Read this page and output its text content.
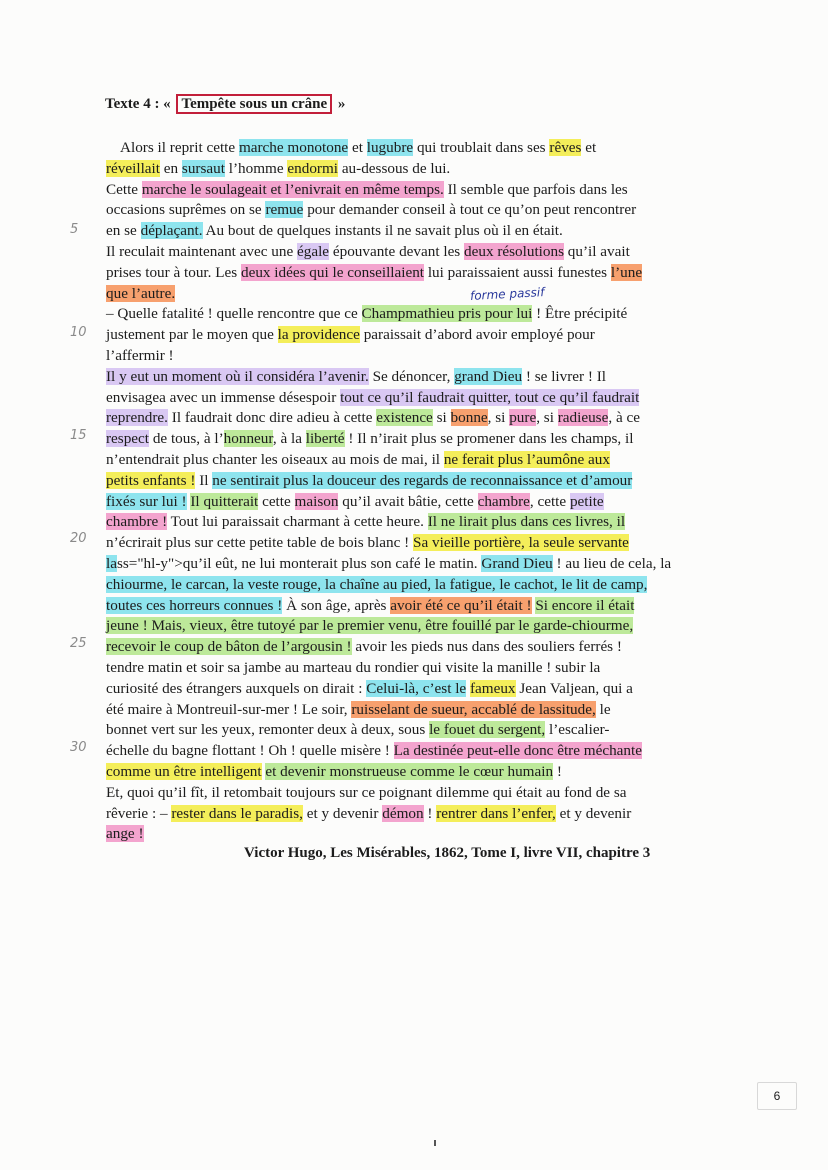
Texte 4 : « Tempête sous un crâne »
forme passif
5
10
15
20
25
30
Alors il reprit cette marche monotone et lugubre qui troublait dans ses rêves et
réveillait en sursaut l’homme endormi au-dessous de lui.
Cette marche le soulageait et l’enivrait en même temps. Il semble que parfois dans les
occasions suprêmes on se remue pour demander conseil à tout ce qu’on peut rencontrer
en se déplaçant. Au bout de quelques instants il ne savait plus où il en était.
Il reculait maintenant avec une égale épouvante devant les deux résolutions qu’il avait
prises tour à tour. Les deux idées qui le conseillaient lui paraissaient aussi funestes l’une
que l’autre.
– Quelle fatalité ! quelle rencontre que ce Champmathieu pris pour lui ! Être précipité
justement par le moyen que la providence paraissait d’abord avoir employé pour
l’affermir !
Il y eut un moment où il considéra l’avenir. Se dénoncer, grand Dieu ! se livrer ! Il
envisagea avec un immense désespoir tout ce qu’il faudrait quitter, tout ce qu’il faudrait
reprendre. Il faudrait donc dire adieu à cette existence si bonne, si pure, si radieuse, à ce
respect de tous, à l’honneur, à la liberté ! Il n’irait plus se promener dans les champs, il
n’entendrait plus chanter les oiseaux au mois de mai, il ne ferait plus l’aumône aux
petits enfants ! Il ne sentirait plus la douceur des regards de reconnaissance et d’amour
fixés sur lui ! Il quitterait cette maison qu’il avait bâtie, cette chambre, cette petite
chambre ! Tout lui paraissait charmant à cette heure. Il ne lirait plus dans ces livres, il
n’écrirait plus sur cette petite table de bois blanc ! Sa vieille portière, la seule servante
lass="hl-y">qu’il eût, ne lui monterait plus son café le matin. Grand Dieu ! au lieu de cela, la
chiourme, le carcan, la veste rouge, la chaîne au pied, la fatigue, le cachot, le lit de camp,
toutes ces horreurs connues ! À son âge, après avoir été ce qu’il était ! Si encore il était
jeune ! Mais, vieux, être tutoyé par le premier venu, être fouillé par le garde-chiourme,
recevoir le coup de bâton de l’argousin ! avoir les pieds nus dans des souliers ferrés !
tendre matin et soir sa jambe au marteau du rondier qui visite la manille ! subir la
curiosité des étrangers auxquels on dirait : Celui-là, c’est le fameux Jean Valjean, qui a
été maire à Montreuil-sur-mer ! Le soir, ruisselant de sueur, accablé de lassitude, le
bonnet vert sur les yeux, remonter deux à deux, sous le fouet du sergent, l’escalier-
échelle du bagne flottant ! Oh ! quelle misère ! La destinée peut-elle donc être méchante
comme un être intelligent et devenir monstrueuse comme le cœur humain !
Et, quoi qu’il fît, il retombait toujours sur ce poignant dilemme qui était au fond de sa
rêverie : – rester dans le paradis, et y devenir démon ! rentrer dans l’enfer, et y devenir
ange !
Victor Hugo, Les Misérables, 1862, Tome I, livre VII, chapitre 3
6
